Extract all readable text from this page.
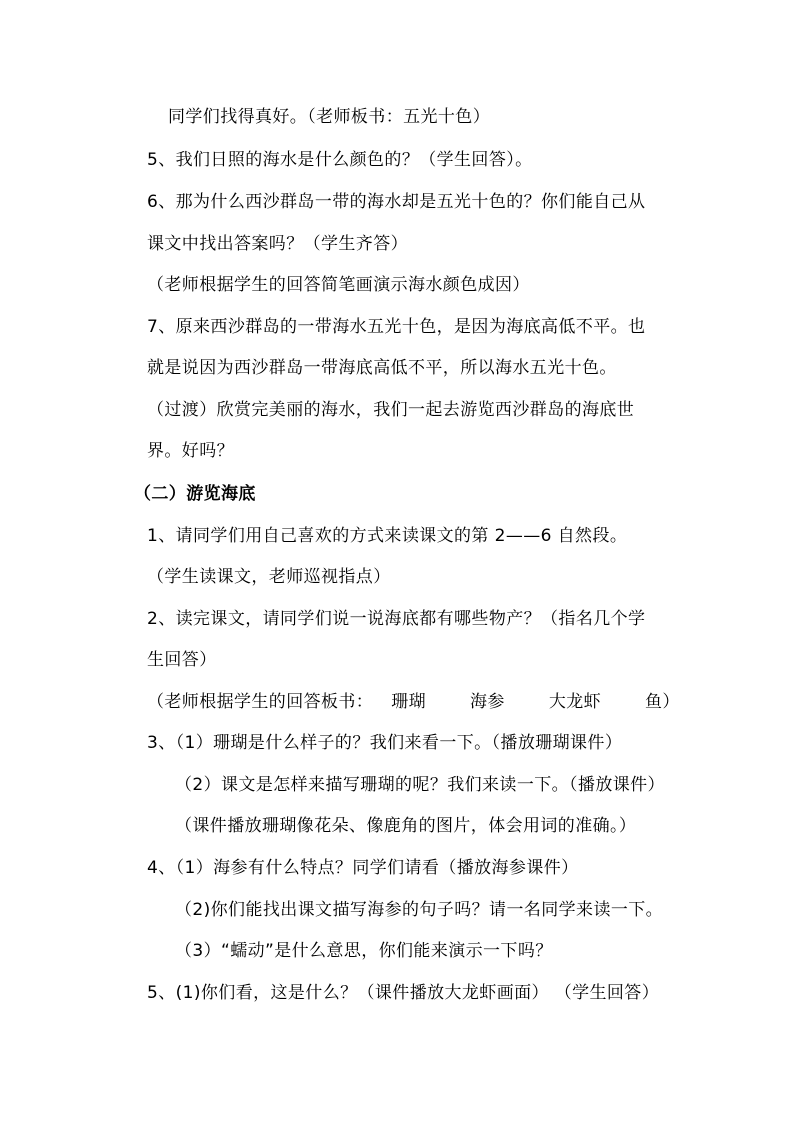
同学们找得真好。（老师板书：五光十色）
5、我们日照的海水是什么颜色的？（学生回答）。
6、那为什么西沙群岛一带的海水却是五光十色的？你们能自己从
课文中找出答案吗？（学生齐答）
（老师根据学生的回答简笔画演示海水颜色成因）
7、原来西沙群岛的一带海水五光十色，是因为海底高低不平。也
就是说因为西沙群岛一带海底高低不平，所以海水五光十色。
（过渡）欣赏完美丽的海水，我们一起去游览西沙群岛的海底世
界。好吗？
（二）游览海底
1、请同学们用自己喜欢的方式来读课文的第 2——6 自然段。
（学生读课文，老师巡视指点）
2、读完课文，请同学们说一说海底都有哪些物产？（指名几个学
生回答）
（老师根据学生的回答板书： 珊瑚	海参	大龙虾	鱼）
3、（1）珊瑚是什么样子的？我们来看一下。（播放珊瑚课件）
（2）课文是怎样来描写珊瑚的呢？我们来读一下。（播放课件）
（课件播放珊瑚像花朵、像鹿角的图片，体会用词的准确。）
4、（1）海参有什么特点？同学们请看（播放海参课件）
（2)你们能找出课文描写海参的句子吗？请一名同学来读一下。
（3）“蠕动”是什么意思，你们能来演示一下吗？
5、(1)你们看，这是什么？（课件播放大龙虾画面） （学生回答）
